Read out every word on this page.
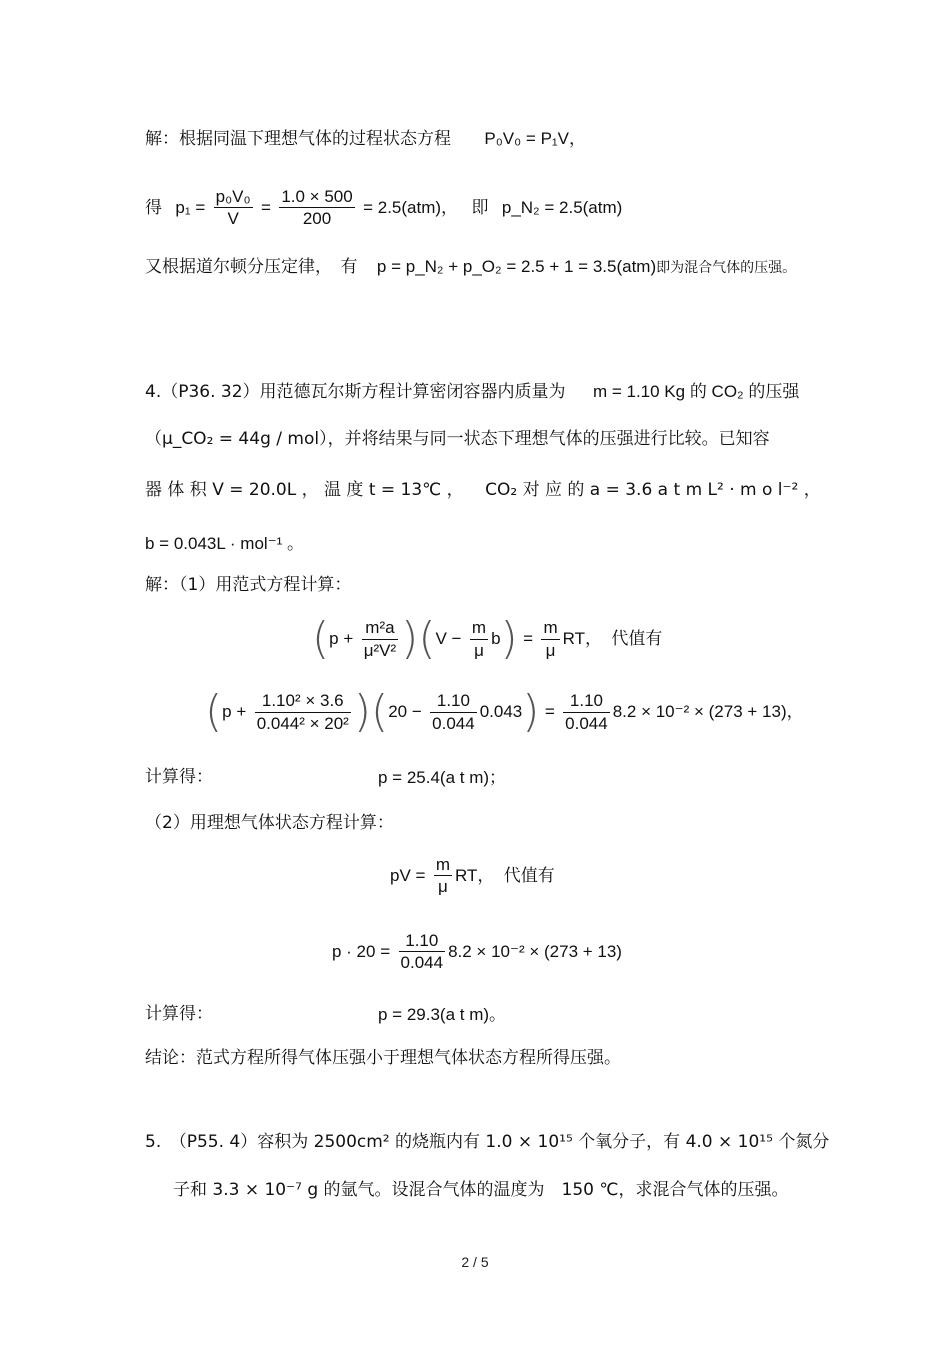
解：根据同温下理想气体的过程状态方程 P₀V₀ = P₁V，
得 $p_1 = \frac{\text{p₀V₀}}{V} = \frac{1.0 \times 500}{200} = 2.5(atm)$， 即 p_N₂ = 2.5(atm)
又根据道尔顿分压定律，　有 p = p_N₂ + p_O₂ = 2.5 + 1 = 3.5(atm)即为混合气体的压强。
4.（P36. 32）用范德瓦尔斯方程计算密闭容器内质量为 m = 1.10 Kg 的 CO₂ 的压强
（μ_CO₂ = 44g / mol），并将结果与同一状态下理想气体的压强进行比较。已知容
器 体 积 V = 20.0L ， 温 度 t = 13℃ ， CO₂ 对 应 的 a = 3.6 a t m L² · m o l⁻² ，
b = 0.043L · mol⁻¹ 。
解：（1）用范式方程计算：
$(p + \frac{\text{m²a}}{\text{μ²V²}} )(V - \frac{m}{\mu} b) = \frac{m}{\mu}$ RT， 代值有
$(p + \frac{\text{1.10² × 3.6}}{\text{0.044² × 20²}} )(20 - \frac{1.10}{0.044} 0.043) = \frac{1.10}{0.044} 8.2 \times 10^{-2} \times (273 + 13)$，
计算得：	p = 25.4(a t m)；
（2）用理想气体状态方程计算：
pV = $\frac{m}{\mu}$ RT， 代值有
$p \cdot 20 = \frac{1.10}{0.044} 8.2 \times 10^{-2} \times (273 + 13)$
计算得：	p = 29.3(a t m)。
结论：范式方程所得气体压强小于理想气体状态方程所得压强。
5.　（P55. 4）容积为 2500cm² 的烧瓶内有 1.0 × 10¹⁵ 个氧分子，有 4.0 × 10¹⁵ 个氮分
子和 3.3 × 10⁻⁷ g 的氩气。设混合气体的温度为　150 ℃，求混合气体的压强。
2 / 5
